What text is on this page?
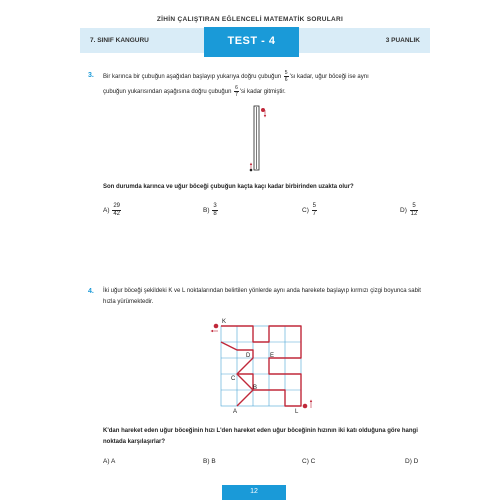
ZİHİN ÇALIŞTIRAN EĞLENCELİ MATEMATİK SORULARI
7. SINIF KANGURU	3 PUANLIK
TEST - 4
3. Bir karınca bir çubuğun aşağıdan başlayıp yukarıya doğru çubuğun $\frac{5}{6}$ 'sı kadar, uğur böceği ise aynı
çubuğun yukarısından aşağısına doğru çubuğun $\frac{6}{7}$ 'si kadar gitmiştir.
Son durumda karınca ve uğur böceği çubuğun kaçta kaçı kadar birbirinden uzakta olur?
$A) \frac{29}{42}$	$B) \frac{3}{8}$	$C) \frac{5}{7}$	$D) \frac{5}{12}$
4. İki uğur böceği şekildeki K ve L noktalarından belirtilen yönlerde aynı anda harekete başlayıp kırmızı çizgi boyunca sabit hızla yürümektedir.
K
D	E
C
B
A	L
K'dan hareket eden uğur böceğinin hızı L'den hareket eden uğur böceğinin hızının iki katı olduğuna göre hangi noktada karşılaşırlar?
A) A	B) B	C) C	D) D
12
